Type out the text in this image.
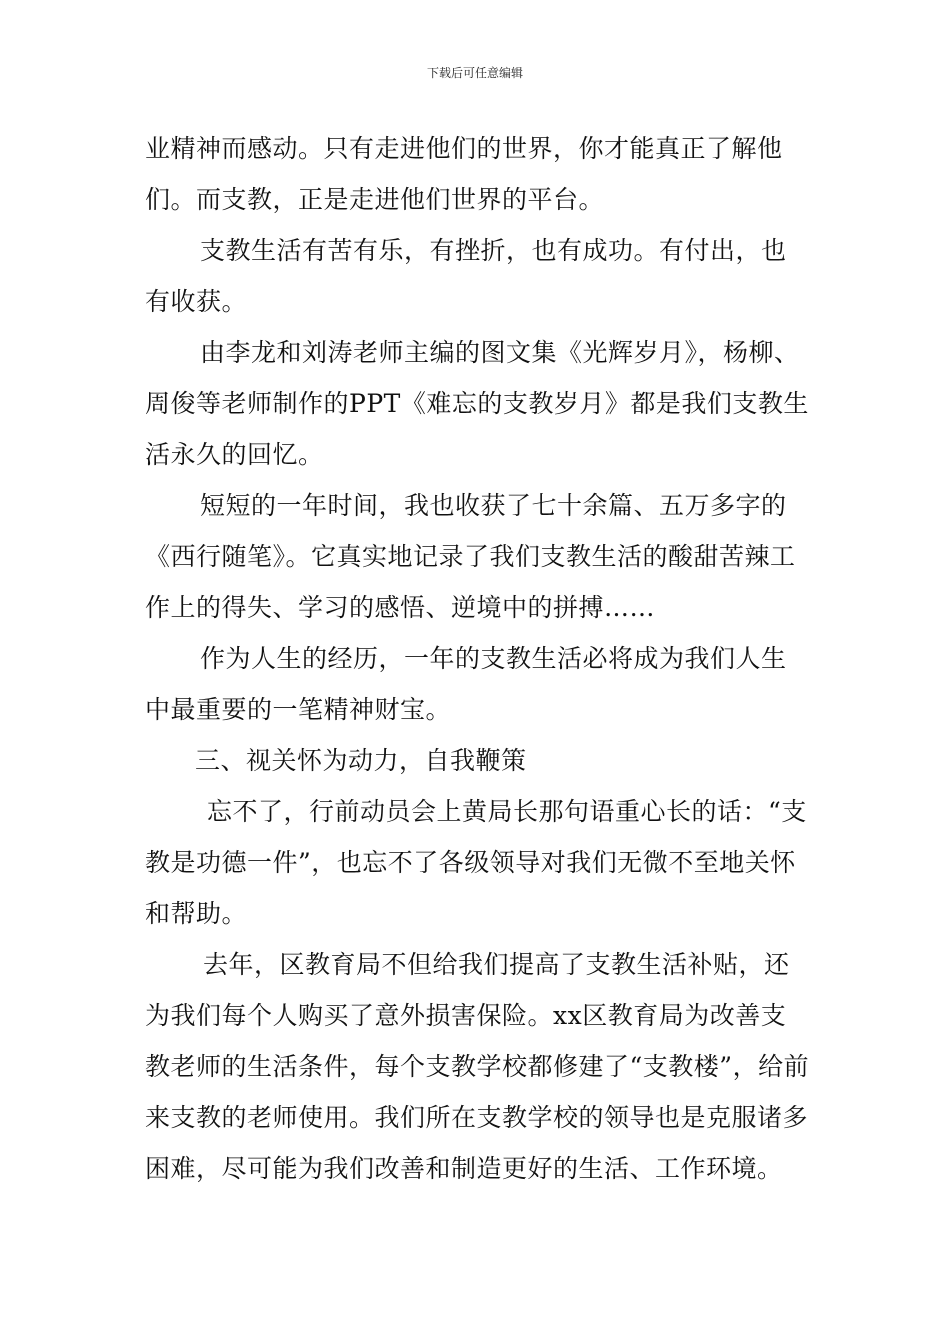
下载后可任意编辑

业精神而感动。只有走进他们的世界，你才能真正了解他们。而支教，正是走进他们世界的平台。

支教生活有苦有乐，有挫折，也有成功。有付出，也有收获。

由李龙和刘涛老师主编的图文集《光辉岁月》，杨柳、周俊等老师制作的PPT《难忘的支教岁月》都是我们支教生活永久的回忆。

短短的一年时间，我也收获了七十余篇、五万多字的《西行随笔》。它真实地记录了我们支教生活的酸甜苦辣工作上的得失、学习的感悟、逆境中的拼搏……

作为人生的经历，一年的支教生活必将成为我们人生中最重要的一笔精神财宝。

三、视关怀为动力，自我鞭策

忘不了，行前动员会上黄局长那句语重心长的话：“支教是功德一件”，也忘不了各级领导对我们无微不至地关怀和帮助。

去年，区教育局不但给我们提高了支教生活补贴，还为我们每个人购买了意外损害保险。xx区教育局为改善支教老师的生活条件，每个支教学校都修建了“支教楼”，给前来支教的老师使用。我们所在支教学校的领导也是克服诸多困难，尽可能为我们改善和制造更好的生活、工作环境。
